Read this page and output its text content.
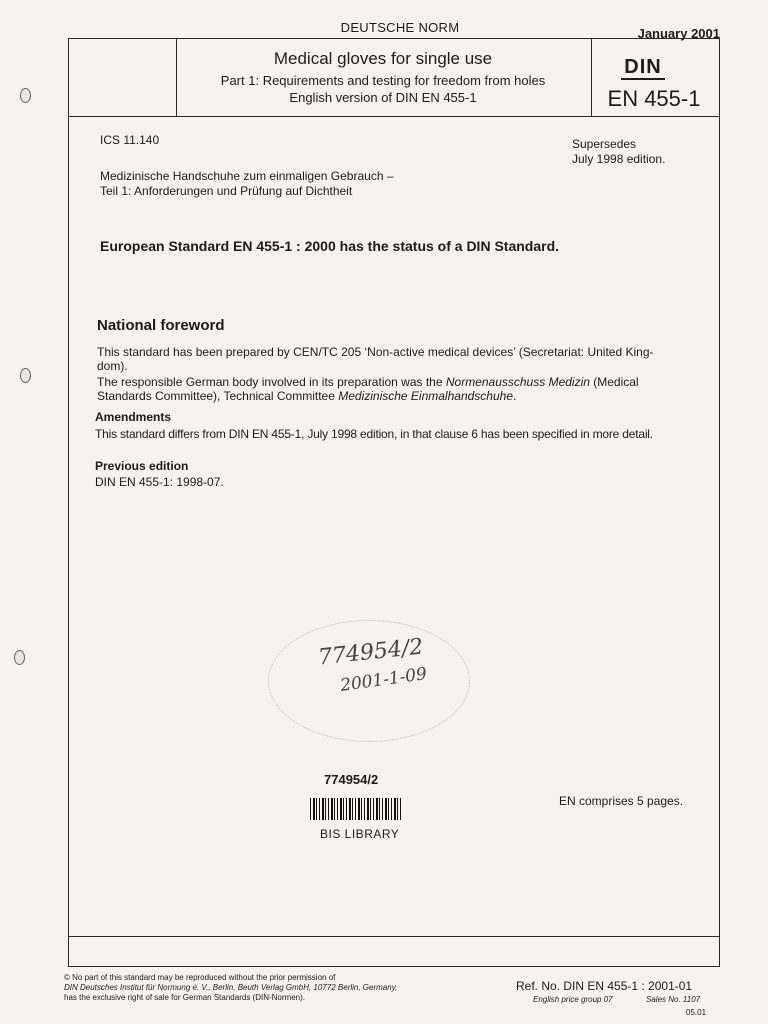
DEUTSCHE NORM	January 2001
Medical gloves for single use
Part 1: Requirements and testing for freedom from holes
English version of DIN EN 455-1
DIN
EN 455-1
ICS 11.140	Supersedes
July 1998 edition.
Medizinische Handschuhe zum einmaligen Gebrauch –
Teil 1: Anforderungen und Prüfung auf Dichtheit
European Standard EN 455-1 : 2000 has the status of a DIN Standard.
National foreword
This standard has been prepared by CEN/TC 205 ‘Non-active medical devices’ (Secretariat: United King-
dom).
The responsible German body involved in its preparation was the Normenausschuss Medizin (Medical
Standards Committee), Technical Committee Medizinische Einmalhandschuhe.
Amendments
This standard differs from DIN EN 455-1, July 1998 edition, in that clause 6 has been specified in more detail.
Previous edition
DIN EN 455-1: 1998-07.
774954/2
2001-1-09
774954/2
BIS LIBRARY
EN comprises 5 pages.
© No part of this standard may be reproduced without the prior permission of
DIN Deutsches Institut für Normung e. V., Berlin. Beuth Verlag GmbH, 10772 Berlin, Germany,
has the exclusive right of sale for German Standards (DIN-Normen).
Ref. No. DIN EN 455-1 : 2001-01
English price group 07	Sales No. 1107
05.01
